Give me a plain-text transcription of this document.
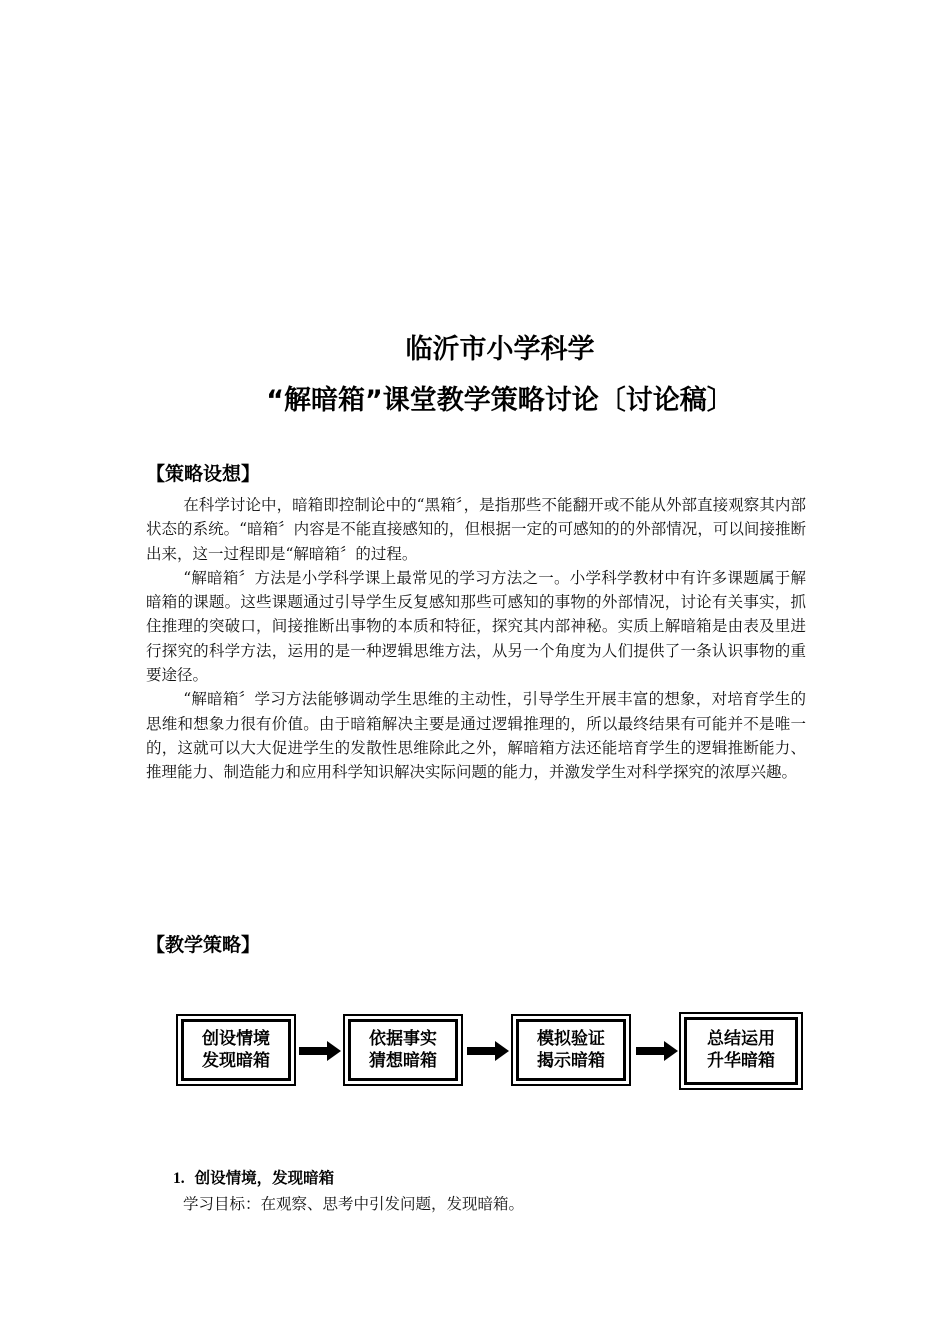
临沂市小学科学
“解暗箱”课堂教学策略讨论〔讨论稿〕
【策略设想】

在科学讨论中，暗箱即控制论中的“黑箱〞，是指那些不能翻开或不能从外部直接观察其内部状态的系统。“暗箱〞内容是不能直接感知的，但根据一定的可感知的的外部情况，可以间接推断出来，这一过程即是“解暗箱〞的过程。

“解暗箱〞方法是小学科学课上最常见的学习方法之一。小学科学教材中有许多课题属于解暗箱的课题。这些课题通过引导学生反复感知那些可感知的事物的外部情况，讨论有关事实，抓住推理的突破口，间接推断出事物的本质和特征，探究其内部神秘。实质上解暗箱是由表及里进行探究的科学方法，运用的是一种逻辑思维方法，从另一个角度为人们提供了一条认识事物的重要途径。

“解暗箱〞学习方法能够调动学生思维的主动性，引导学生开展丰富的想象，对培育学生的思维和想象力很有价值。由于暗箱解决主要是通过逻辑推理的，所以最终结果有可能并不是唯一的，这就可以大大促进学生的发散性思维除此之外，解暗箱方法还能培育学生的逻辑推断能力、推理能力、制造能力和应用科学知识解决实际问题的能力，并激发学生对科学探究的浓厚兴趣。

【教学策略】
创设情境
发现暗箱
依据事实
猜想暗箱
模拟验证
揭示暗箱
总结运用
升华暗箱
1. 创设情境，发现暗箱
学习目标：在观察、思考中引发问题，发现暗箱。
